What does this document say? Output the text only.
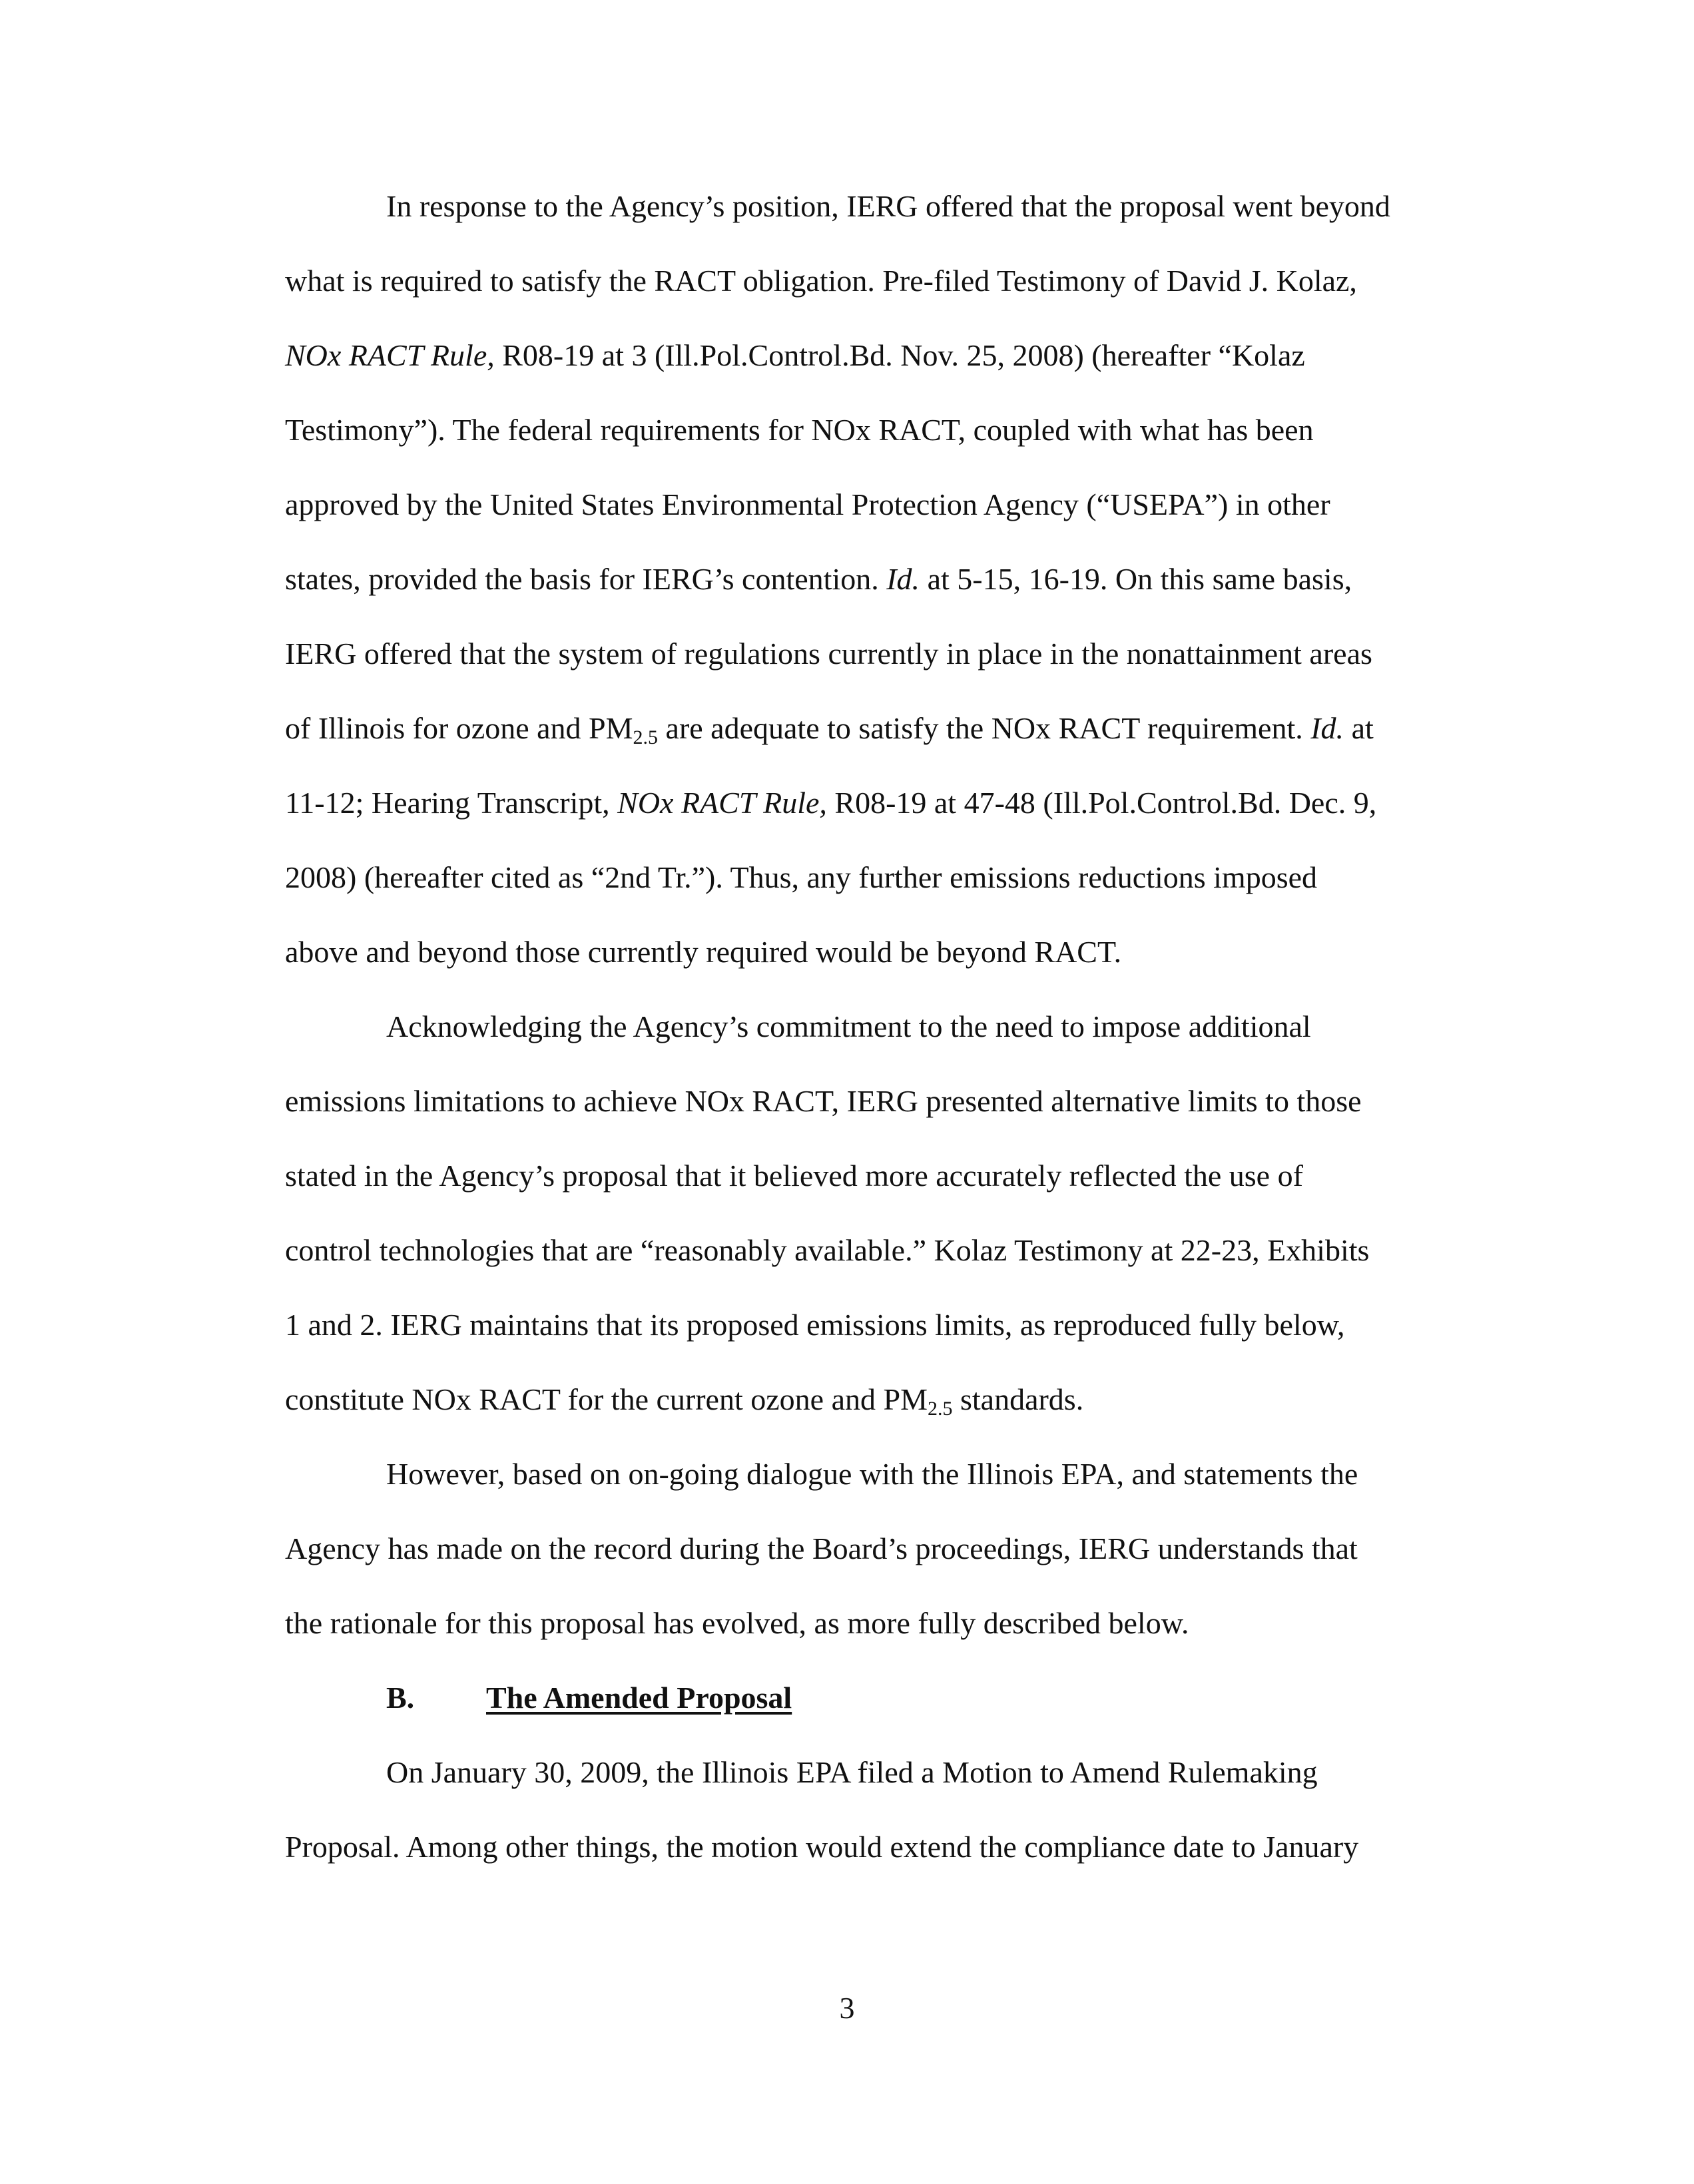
In response to the Agency’s position, IERG offered that the proposal went beyond
what is required to satisfy the RACT obligation. Pre-filed Testimony of David J. Kolaz,
NOx RACT Rule, R08-19 at 3 (Ill.Pol.Control.Bd. Nov. 25, 2008) (hereafter “Kolaz
Testimony”). The federal requirements for NOx RACT, coupled with what has been
approved by the United States Environmental Protection Agency (“USEPA”) in other
states, provided the basis for IERG’s contention. Id. at 5-15, 16-19. On this same basis,
IERG offered that the system of regulations currently in place in the nonattainment areas
of Illinois for ozone and $PM_{2.5}$ are adequate to satisfy the NOx RACT requirement. Id. at
11-12; Hearing Transcript, NOx RACT Rule, R08-19 at 47-48 (Ill.Pol.Control.Bd. Dec. 9,
2008) (hereafter cited as “2nd Tr.”). Thus, any further emissions reductions imposed
above and beyond those currently required would be beyond RACT.
Acknowledging the Agency’s commitment to the need to impose additional
emissions limitations to achieve NOx RACT, IERG presented alternative limits to those
stated in the Agency’s proposal that it believed more accurately reflected the use of
control technologies that are “reasonably available.” Kolaz Testimony at 22-23, Exhibits
1 and 2. IERG maintains that its proposed emissions limits, as reproduced fully below,
constitute NOx RACT for the current ozone and $PM_{2.5}$ standards.
However, based on on-going dialogue with the Illinois EPA, and statements the
Agency has made on the record during the Board’s proceedings, IERG understands that
the rationale for this proposal has evolved, as more fully described below.
B. The Amended Proposal
On January 30, 2009, the Illinois EPA filed a Motion to Amend Rulemaking
Proposal. Among other things, the motion would extend the compliance date to January
3
